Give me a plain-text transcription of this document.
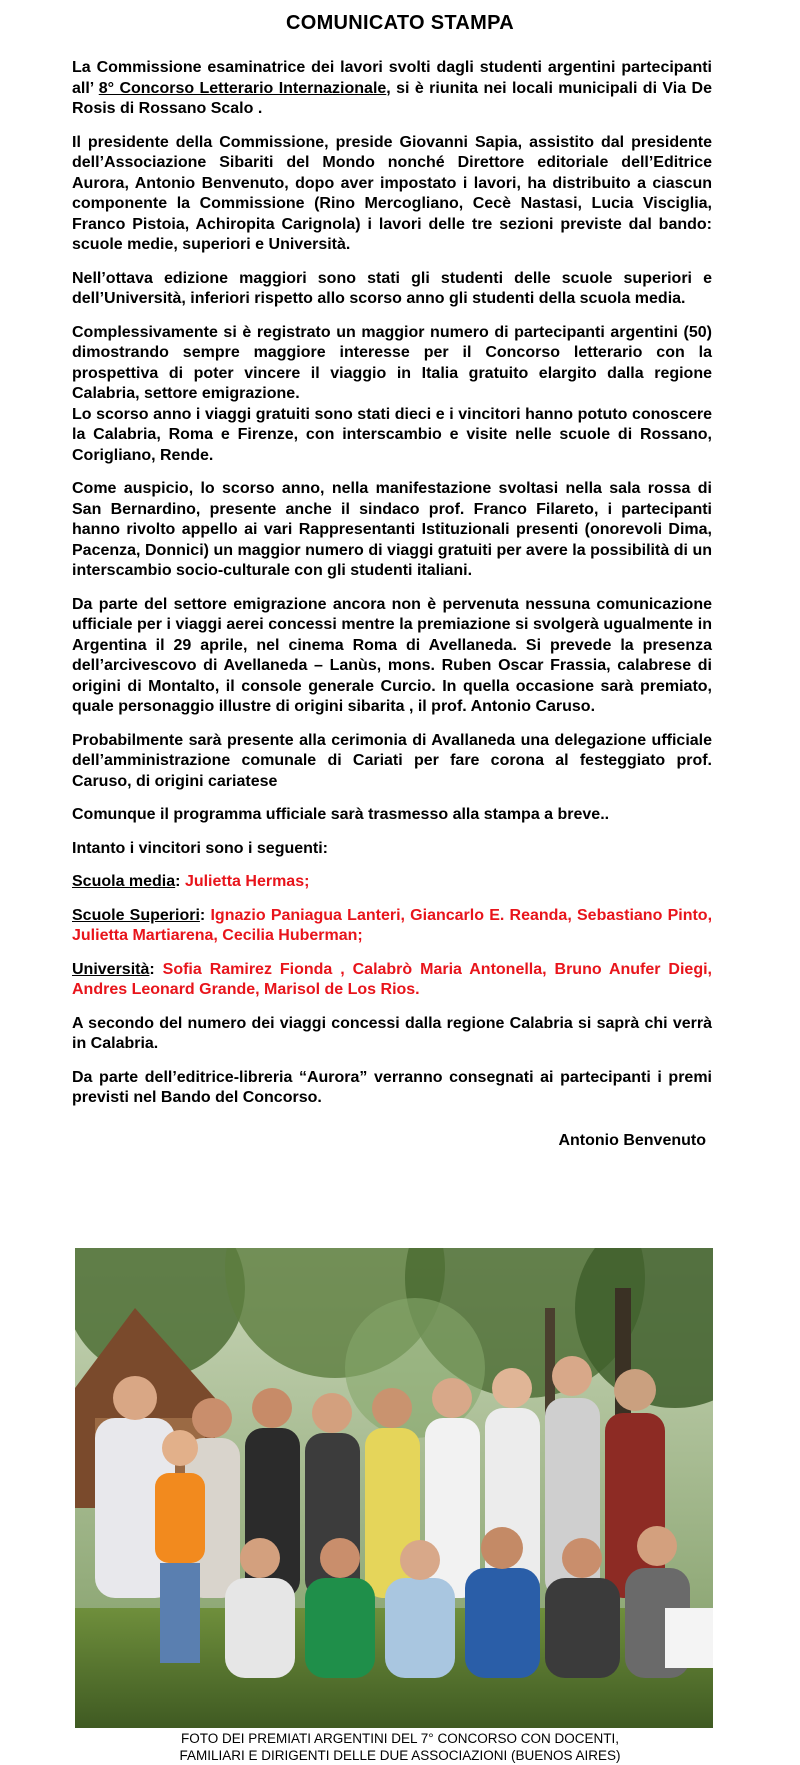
COMUNICATO STAMPA

La Commissione esaminatrice dei lavori svolti dagli studenti argentini partecipanti all’ 8° Concorso Letterario Internazionale, si è riunita nei locali municipali di Via De Rosis di Rossano Scalo .

Il presidente della Commissione, preside Giovanni Sapia, assistito dal presidente dell’Associazione Sibariti del Mondo nonché Direttore editoriale dell’Editrice Aurora, Antonio Benvenuto, dopo aver impostato i lavori, ha distribuito a ciascun componente la Commissione (Rino Mercogliano, Cecè Nastasi, Lucia Visciglia, Franco Pistoia, Achiropita Carignola) i lavori delle tre sezioni previste dal bando: scuole medie, superiori e Università.

Nell’ottava edizione maggiori sono stati gli studenti delle scuole superiori e dell’Università, inferiori rispetto allo scorso anno gli studenti della scuola media.

Complessivamente si è registrato un maggior numero di partecipanti argentini (50) dimostrando sempre maggiore interesse per il Concorso letterario con la prospettiva di poter vincere il viaggio in Italia gratuito elargito dalla regione Calabria, settore emigrazione.

Lo scorso anno i viaggi gratuiti sono stati dieci e i vincitori hanno potuto conoscere la Calabria, Roma e Firenze, con interscambio e visite nelle scuole di Rossano, Corigliano, Rende.

Come auspicio, lo scorso anno, nella manifestazione svoltasi nella sala rossa di San Bernardino, presente anche il sindaco prof. Franco Filareto, i partecipanti hanno rivolto appello ai vari Rappresentanti Istituzionali presenti (onorevoli Dima, Pacenza, Donnici) un maggior numero di viaggi gratuiti per avere la possibilità di un interscambio socio-culturale con gli studenti italiani.

Da parte del settore emigrazione ancora non è pervenuta nessuna comunicazione ufficiale per i viaggi aerei concessi mentre la premiazione si svolgerà ugualmente in Argentina il 29 aprile, nel cinema Roma di Avellaneda. Si prevede la presenza dell’arcivescovo di Avellaneda – Lanùs, mons. Ruben Oscar Frassia, calabrese di origini di Montalto, il console generale Curcio. In quella occasione sarà premiato, quale personaggio illustre di origini sibarita , il prof. Antonio Caruso.

Probabilmente sarà presente alla cerimonia di Avallaneda una delegazione ufficiale dell’amministrazione comunale di Cariati per fare corona al festeggiato prof. Caruso, di origini cariatese

Comunque il programma ufficiale sarà trasmesso alla stampa a breve..

Intanto i vincitori sono i seguenti:

Scuola media: Julietta Hermas;

Scuole Superiori: Ignazio Paniagua Lanteri, Giancarlo E. Reanda, Sebastiano Pinto, Julietta Martiarena, Cecilia Huberman;

Università: Sofia Ramirez Fionda , Calabrò Maria Antonella, Bruno Anufer Diegi, Andres Leonard Grande, Marisol de Los Rios.

A secondo del numero dei viaggi concessi dalla regione Calabria si saprà chi verrà in Calabria.

Da parte dell’editrice-libreria “Aurora” verranno consegnati ai partecipanti i premi previsti nel Bando del Concorso.

Antonio Benvenuto
FOTO DEI PREMIATI ARGENTINI DEL 7° CONCORSO CON DOCENTI,
FAMILIARI E DIRIGENTI DELLE DUE ASSOCIAZIONI (BUENOS AIRES)
